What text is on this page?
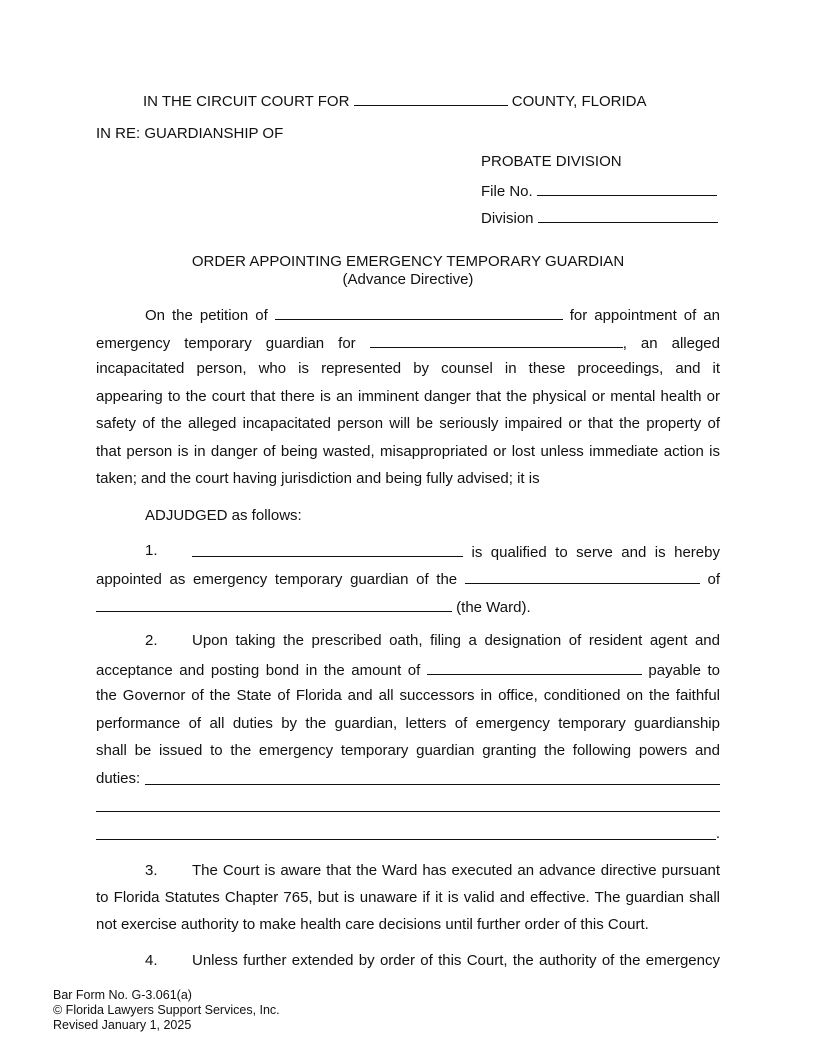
IN THE CIRCUIT COURT FOR	COUNTY, FLORIDA
IN RE: GUARDIANSHIP OF
PROBATE DIVISION
File No.
Division
ORDER APPOINTING EMERGENCY TEMPORARY GUARDIAN
(Advance Directive)
On the petition of	for appointment of an
emergency temporary guardian for	, an alleged
incapacitated person, who is represented by counsel in these proceedings, and it
appearing to the court that there is an imminent danger that the physical or mental health or
safety of the alleged incapacitated person will be seriously impaired or that the property of
that person is in danger of being wasted, misappropriated or lost unless immediate action is
taken; and the court having jurisdiction and being fully advised; it is
ADJUDGED as follows:
1.	is qualified to serve and is hereby
appointed as emergency temporary guardian of the	of
(the Ward).
2. Upon taking the prescribed oath, filing a designation of resident agent and
acceptance and posting bond in the amount of	payable to
the Governor of the State of Florida and all successors in office, conditioned on the faithful
performance of all duties by the guardian, letters of emergency temporary guardianship
shall be issued to the emergency temporary guardian granting the following powers and
duties:
.
3. The Court is aware that the Ward has executed an advance directive pursuant
to Florida Statutes Chapter 765, but is unaware if it is valid and effective. The guardian shall
not exercise authority to make health care decisions until further order of this Court.
4. Unless further extended by order of this Court, the authority of the emergency
Bar Form No. G-3.061(a)
© Florida Lawyers Support Services, Inc.
Revised January 1, 2025
